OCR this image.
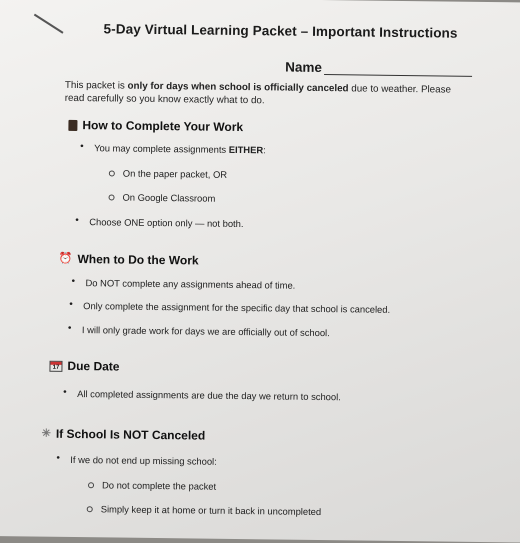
5-Day Virtual Learning Packet – Important Instructions
Name
This packet is only for days when school is officially canceled due to weather. Please read carefully so you know exactly what to do.
How to Complete Your Work
• You may complete assignments EITHER:
On the paper packet, OR
On Google Classroom
• Choose ONE option only — not both.
⏰ When to Do the Work
• Do NOT complete any assignments ahead of time.
• Only complete the assignment for the specific day that school is canceled.
• I will only grade work for days we are officially out of school.
17 Due Date
• All completed assignments are due the day we return to school.
✳ If School Is NOT Canceled
• If we do not end up missing school:
Do not complete the packet
Simply keep it at home or turn it back in uncompleted
